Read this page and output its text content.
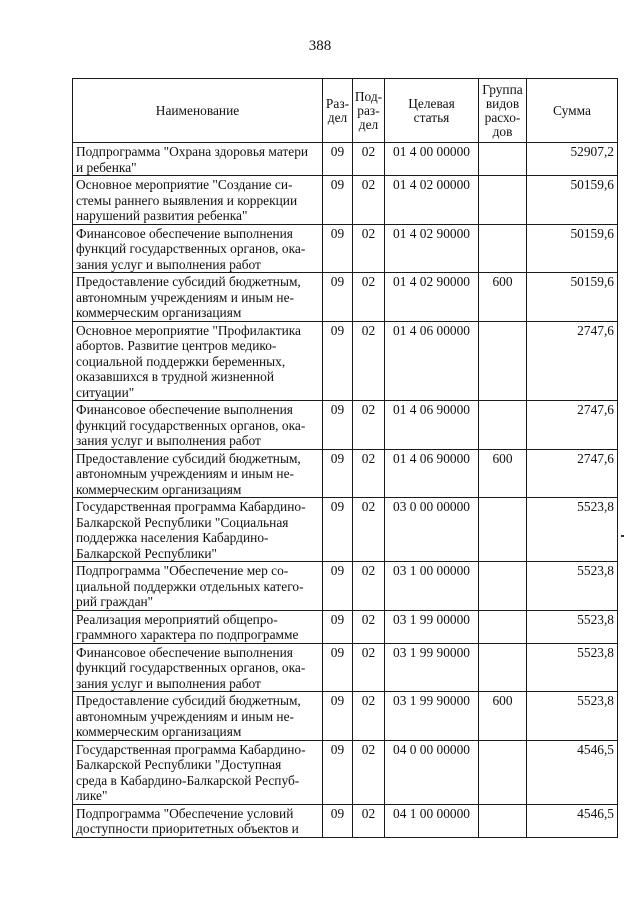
388
Наименование	Раз-
дел	Под-
раз-
дел	Целевая
статья	Группа
видов
расхо-
дов	Сумма
Подпрограмма "Охрана здоровья матери
и ребенка"	09	02	01 4 00 00000		52907,2
Основное мероприятие "Создание си-
стемы раннего выявления и коррекции
нарушений развития ребенка"	09	02	01 4 02 00000		50159,6
Финансовое обеспечение выполнения
функций государственных органов, ока-
зания услуг и выполнения работ	09	02	01 4 02 90000		50159,6
Предоставление субсидий бюджетным,
автономным учреждениям и иным не-
коммерческим организациям	09	02	01 4 02 90000	600	50159,6
Основное мероприятие "Профилактика
абортов. Развитие центров медико-
социальной поддержки беременных,
оказавшихся в трудной жизненной
ситуации"	09	02	01 4 06 00000		2747,6
Финансовое обеспечение выполнения
функций государственных органов, ока-
зания услуг и выполнения работ	09	02	01 4 06 90000		2747,6
Предоставление субсидий бюджетным,
автономным учреждениям и иным не-
коммерческим организациям	09	02	01 4 06 90000	600	2747,6
Государственная программа Кабардино-
Балкарской Республики "Социальная
поддержка населения Кабардино-
Балкарской Республики"	09	02	03 0 00 00000		5523,8
Подпрограмма "Обеспечение мер со-
циальной поддержки отдельных катего-
рий граждан"	09	02	03 1 00 00000		5523,8
Реализация мероприятий общепро-
граммного характера по подпрограмме	09	02	03 1 99 00000		5523,8
Финансовое обеспечение выполнения
функций государственных органов, ока-
зания услуг и выполнения работ	09	02	03 1 99 90000		5523,8
Предоставление субсидий бюджетным,
автономным учреждениям и иным не-
коммерческим организациям	09	02	03 1 99 90000	600	5523,8
Государственная программа Кабардино-
Балкарской Республики "Доступная
среда в Кабардино-Балкарской Респуб-
лике"	09	02	04 0 00 00000		4546,5
Подпрограмма "Обеспечение условий
доступности приоритетных объектов и	09	02	04 1 00 00000		4546,5
